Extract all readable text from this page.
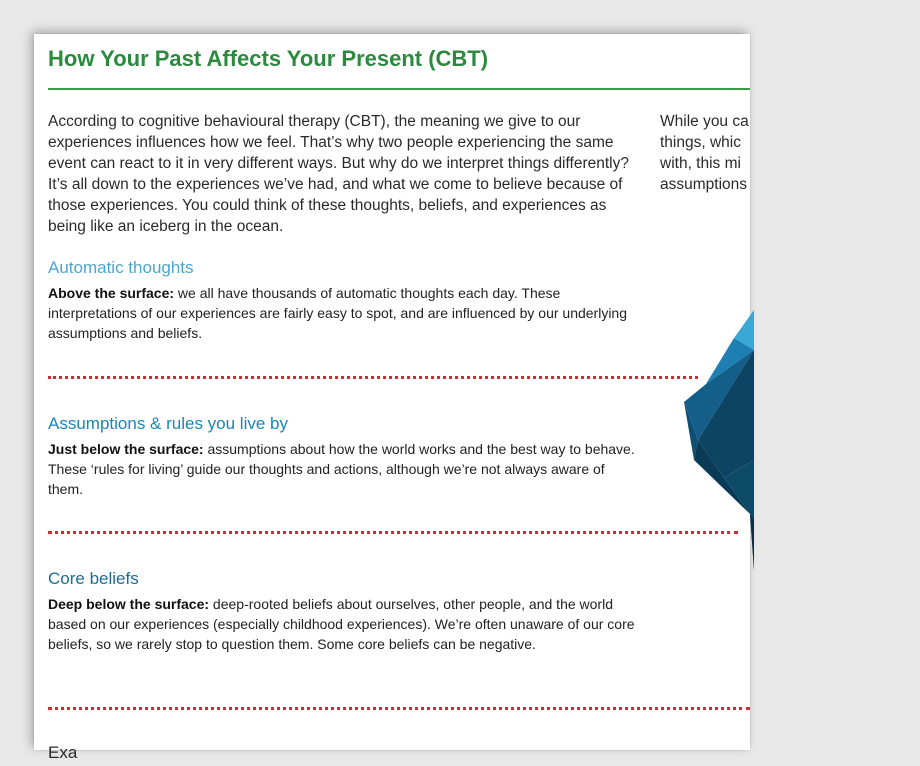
How Your Past Affects Your Present (CBT)

According to cognitive behavioural therapy (CBT), the meaning we give to our experiences influences how we feel. That’s why two people experiencing the same event can react to it in very different ways. But why do we interpret things differently? It’s all down to the experiences we’ve had, and what we come to believe because of those experiences. You could think of these thoughts, beliefs, and experiences as being like an iceberg in the ocean.

While you ca
things, whic
with, this mi
assumptions

Automatic thoughts

Above the surface: we all have thousands of automatic thoughts each day. These interpretations of our experiences are fairly easy to spot, and are influenced by our underlying assumptions and beliefs.

Assumptions & rules you live by

Just below the surface: assumptions about how the world works and the best way to behave. These ‘rules for living’ guide our thoughts and actions, although we’re not always aware of them.

Core beliefs

Deep below the surface: deep-rooted beliefs about ourselves, other people, and the world based on our experiences (especially childhood experiences). We’re often unaware of our core beliefs, so we rarely stop to question them. Some core beliefs can be negative.

Exa
